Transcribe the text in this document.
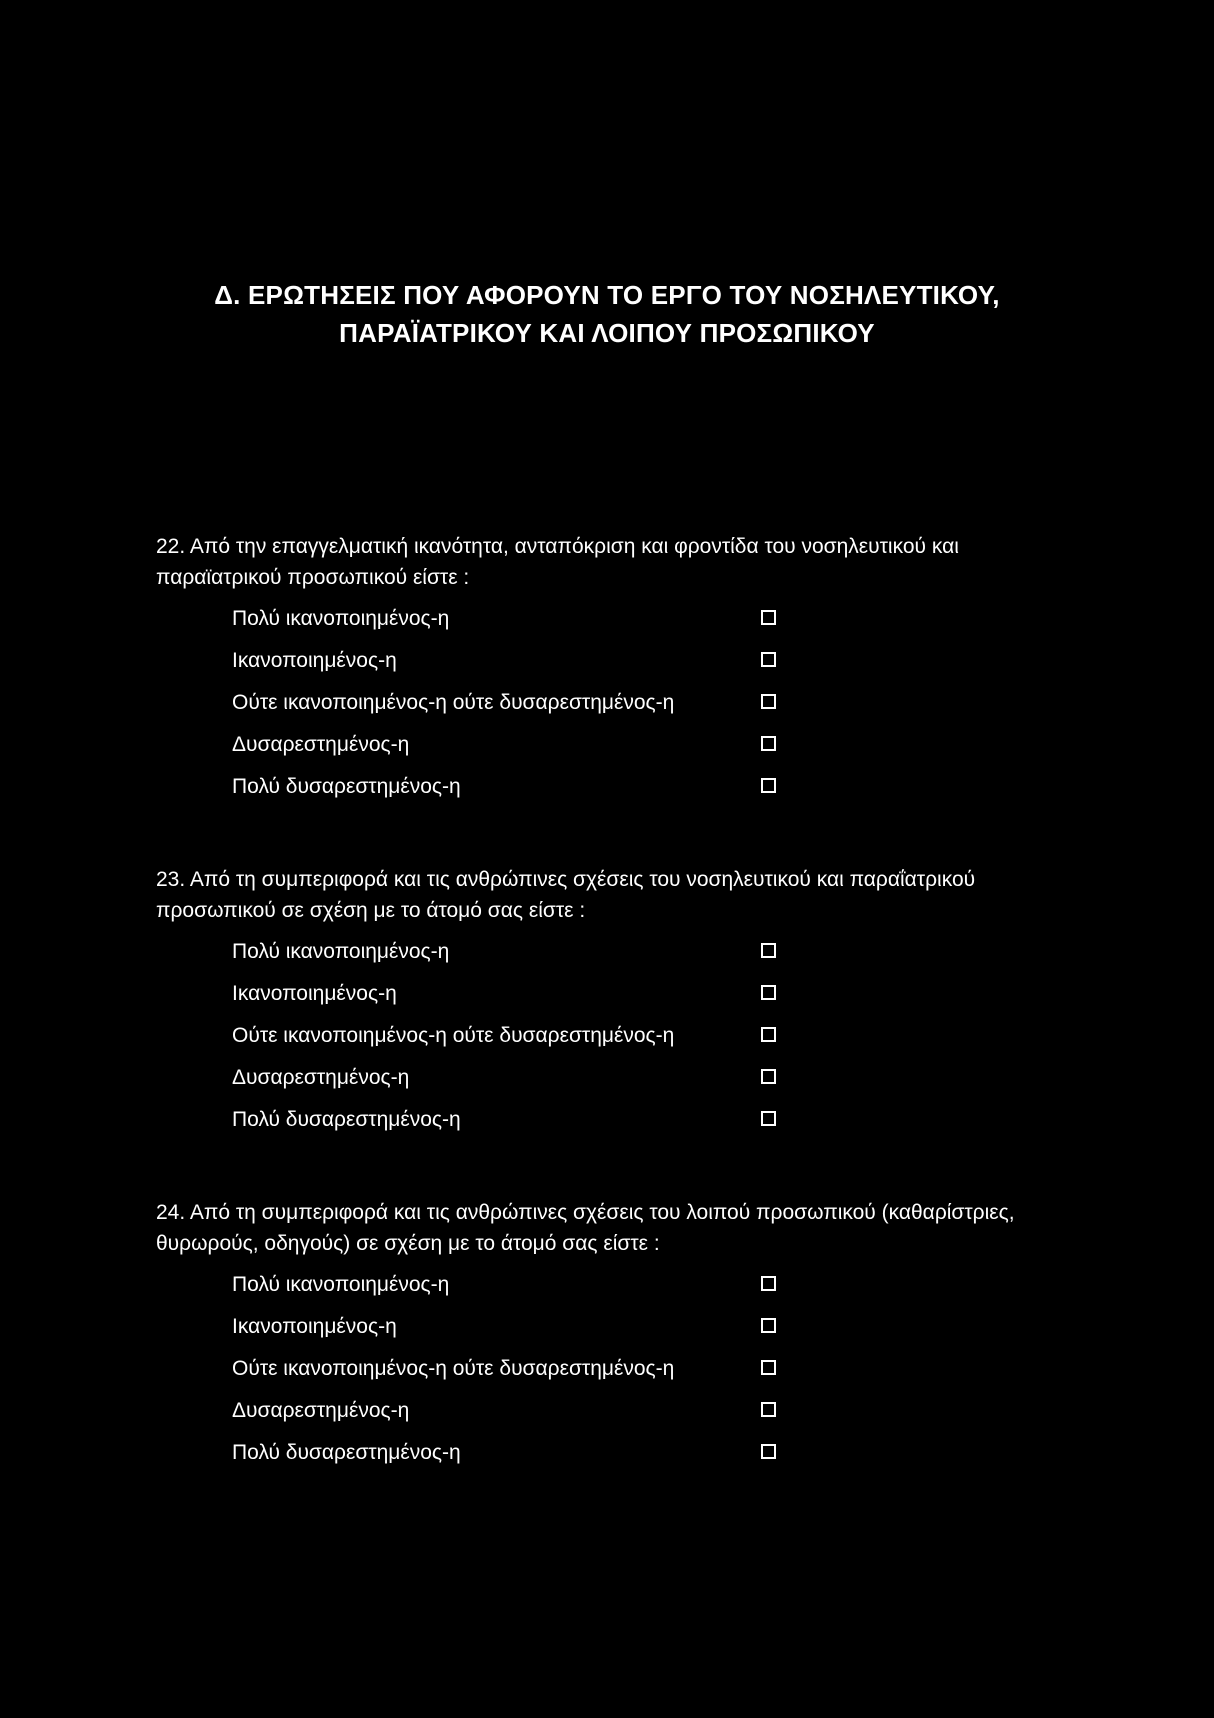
Δ. ΕΡΩΤΗΣΕΙΣ ΠΟΥ ΑΦΟΡΟΥΝ ΤΟ ΕΡΓΟ ΤΟΥ ΝΟΣΗΛΕΥΤΙΚΟΥ,
ΠΑΡΑΪΑΤΡΙΚΟΥ ΚΑΙ ΛΟΙΠΟΥ ΠΡΟΣΩΠΙΚΟΥ
22. Από την επαγγελματική ικανότητα, ανταπόκριση και φροντίδα του νοσηλευτικού και παραϊατρικού προσωπικού είστε :
Πολύ ικανοποιημένος-η
Ικανοποιημένος-η
Ούτε ικανοποιημένος-η ούτε δυσαρεστημένος-η
Δυσαρεστημένος-η
Πολύ δυσαρεστημένος-η
23. Από τη συμπεριφορά και τις ανθρώπινες σχέσεις του νοσηλευτικού και παραΐατρικού προσωπικού σε σχέση με το άτομό σας είστε :
Πολύ ικανοποιημένος-η
Ικανοποιημένος-η
Ούτε ικανοποιημένος-η ούτε δυσαρεστημένος-η
Δυσαρεστημένος-η
Πολύ δυσαρεστημένος-η
24. Από τη συμπεριφορά και τις ανθρώπινες σχέσεις του λοιπού προσωπικού (καθαρίστριες, θυρωρούς, οδηγούς) σε σχέση με το άτομό σας είστε :
Πολύ ικανοποιημένος-η
Ικανοποιημένος-η
Ούτε ικανοποιημένος-η ούτε δυσαρεστημένος-η
Δυσαρεστημένος-η
Πολύ δυσαρεστημένος-η
